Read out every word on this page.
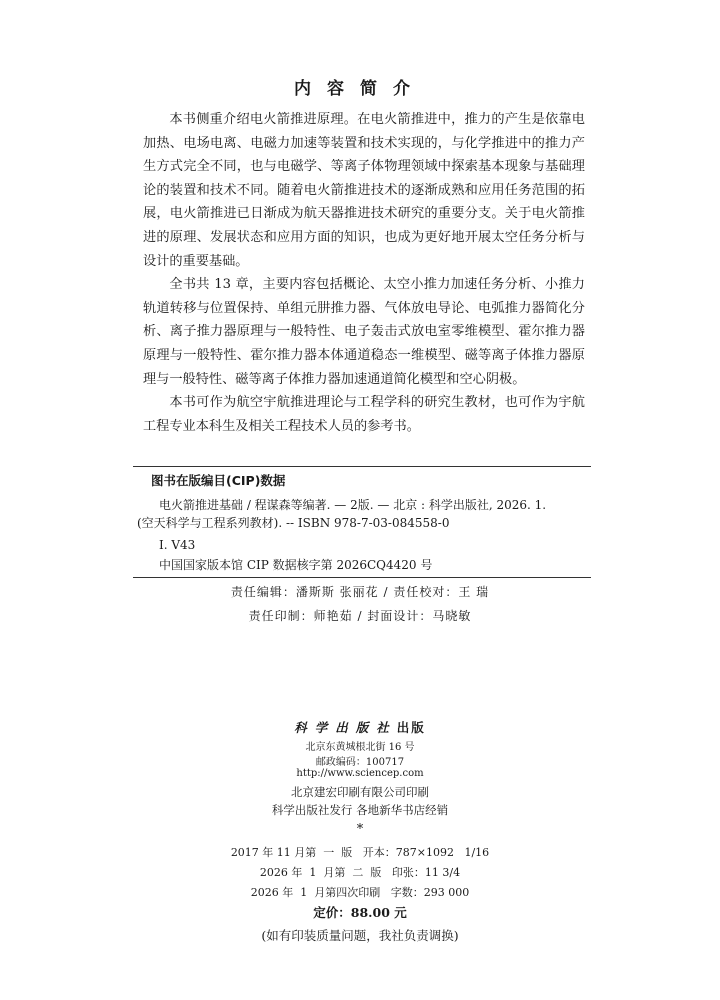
内容简介

本书侧重介绍电火箭推进原理。在电火箭推进中，推力的产生是依靠电加热、电场电离、电磁力加速等装置和技术实现的，与化学推进中的推力产生方式完全不同，也与电磁学、等离子体物理领域中探索基本现象与基础理论的装置和技术不同。随着电火箭推进技术的逐渐成熟和应用任务范围的拓展，电火箭推进已日渐成为航天器推进技术研究的重要分支。关于电火箭推进的原理、发展状态和应用方面的知识，也成为更好地开展太空任务分析与设计的重要基础。

全书共 13 章，主要内容包括概论、太空小推力加速任务分析、小推力轨道转移与位置保持、单组元肼推力器、气体放电导论、电弧推力器简化分析、离子推力器原理与一般特性、电子轰击式放电室零维模型、霍尔推力器原理与一般特性、霍尔推力器本体通道稳态一维模型、磁等离子体推力器原理与一般特性、磁等离子体推力器加速通道简化模型和空心阴极。

本书可作为航空宇航推进理论与工程学科的研究生教材，也可作为宇航工程专业本科生及相关工程技术人员的参考书。

图书在版编目(CIP)数据
电火箭推进基础 / 程谋森等编著. — 2版. — 北京 : 科学出版社, 2026. 1.
(空天科学与工程系列教材). -- ISBN 978-7-03-084558-0
Ⅰ. V43
中国国家版本馆 CIP 数据核字第 2026CQ4420 号
责任编辑：潘斯斯 张丽花 / 责任校对：王 瑞
责任印制：师艳茹 / 封面设计：马晓敏
科学出版社出版
北京东黄城根北街 16 号
邮政编码：100717
http://www.sciencep.com
北京建宏印刷有限公司印刷
科学出版社发行 各地新华书店经销
*
2017 年 11 月第  一  版   开本：787×1092   1/16
2026 年  1  月第  二  版   印张：11 3/4
2026 年  1  月第四次印刷   字数：293 000
定价：88.00 元
(如有印装质量问题，我社负责调换)
